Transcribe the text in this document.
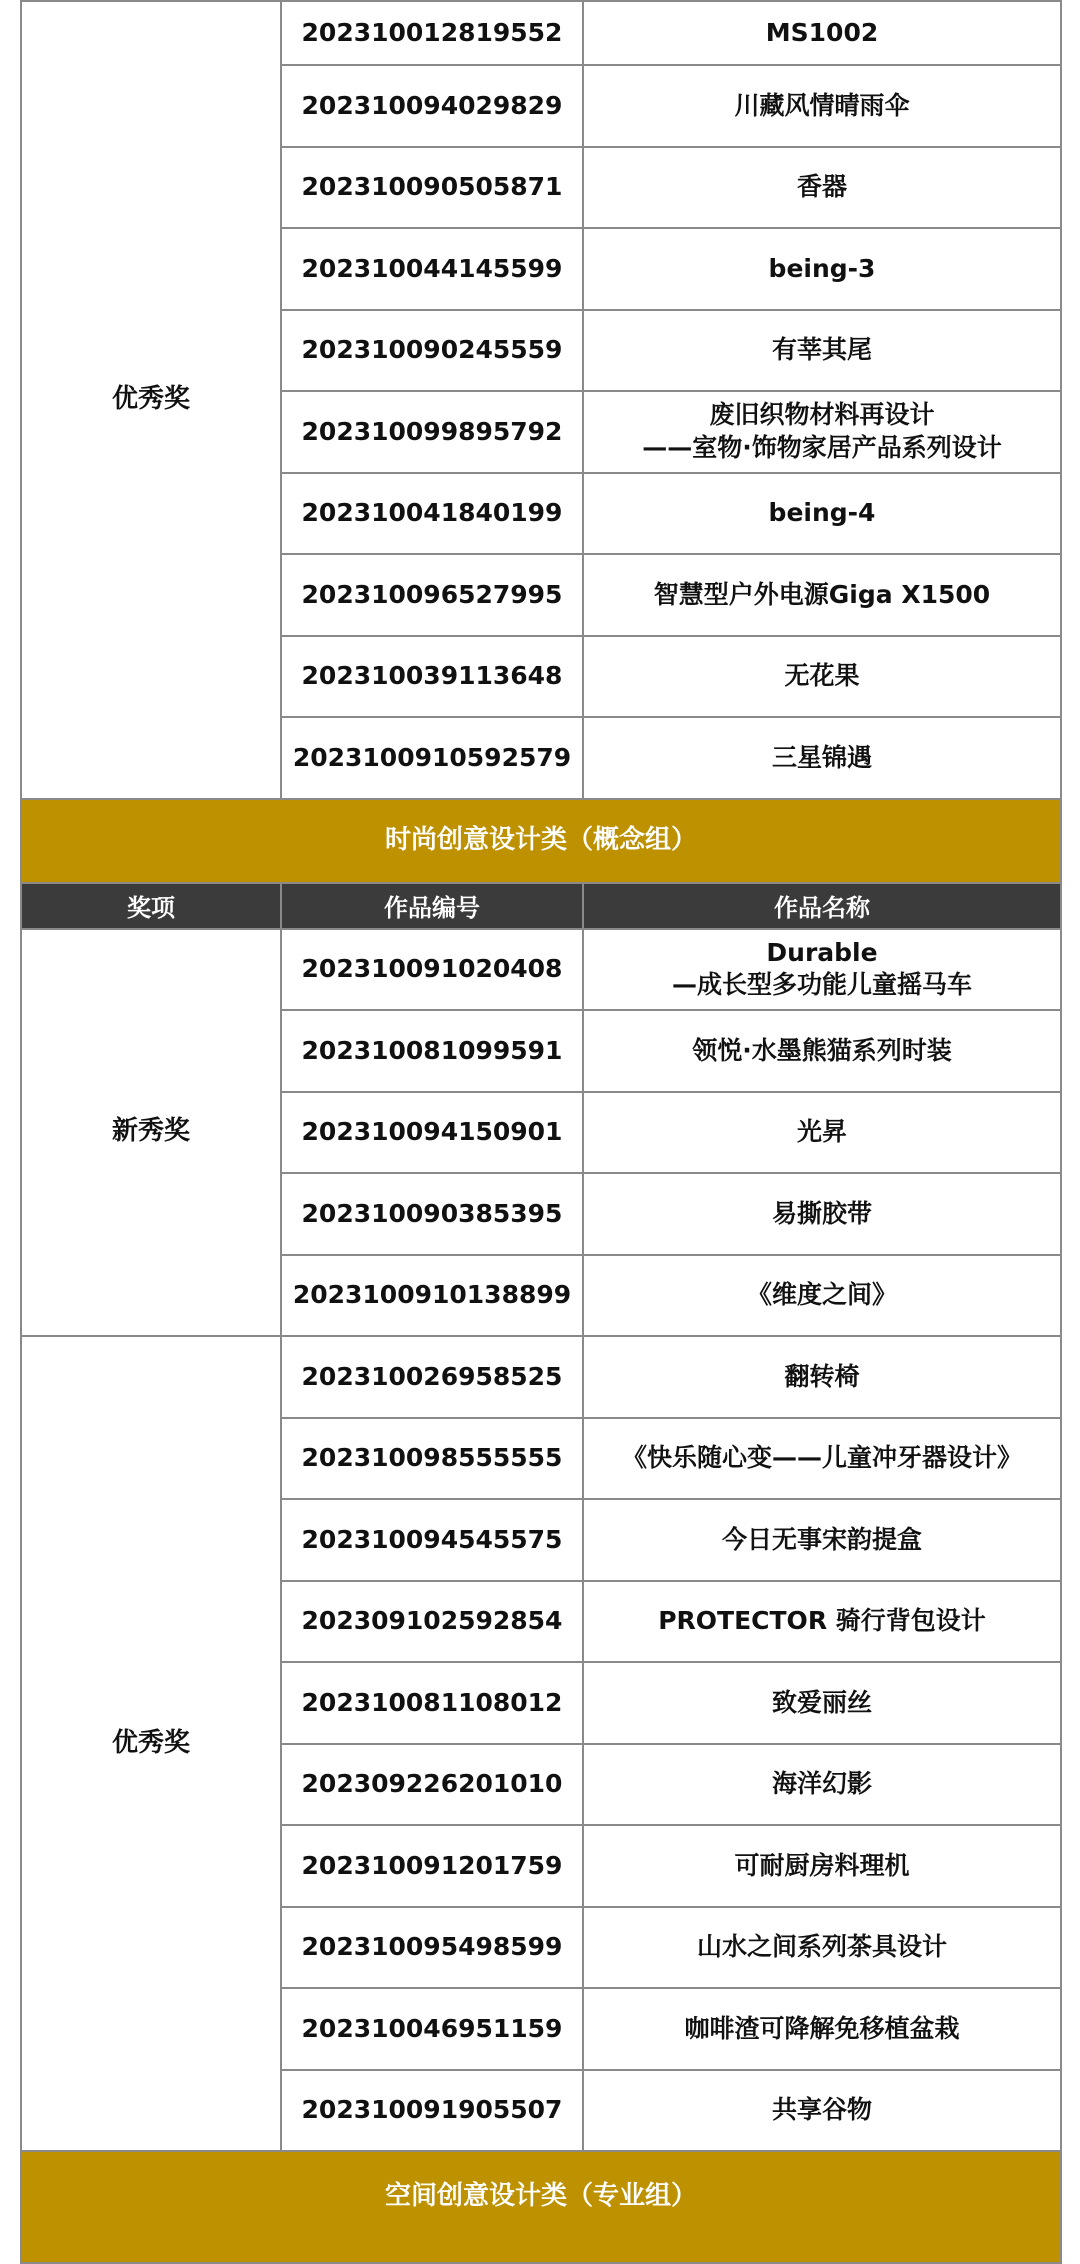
优秀奖	202310012819552	MS1002
	202310094029829	川藏风情晴雨伞
	202310090505871	香器
	202310044145599	being-3
	202310090245559	有莘其尾
	202310099895792	废旧织物材料再设计
——室物·饰物家居产品系列设计

	202310041840199	being-4
	202310096527995	智慧型户外电源Giga X1500
	202310039113648	无花果
	2023100910592579	三星锦遇
时尚创意设计类（概念组）		
奖项	作品编号	作品名称
新秀奖	202310091020408	Durable
—成长型多功能儿童摇马车

	202310081099591	领悦·水墨熊猫系列时装
	202310094150901	光昇
	202310090385395	易撕胶带
	2023100910138899	《维度之间》
优秀奖	202310026958525	翻转椅
	202310098555555	《快乐随心变——儿童冲牙器设计》
	202310094545575	今日无事宋韵提盒
	202309102592854	PROTECTOR 骑行背包设计
	202310081108012	致爱丽丝
	202309226201010	海洋幻影
	202310091201759	可耐厨房料理机
	202310095498599	山水之间系列茶具设计
	202310046951159	咖啡渣可降解免移植盆栽
	202310091905507	共享谷物
空间创意设计类（专业组）		
